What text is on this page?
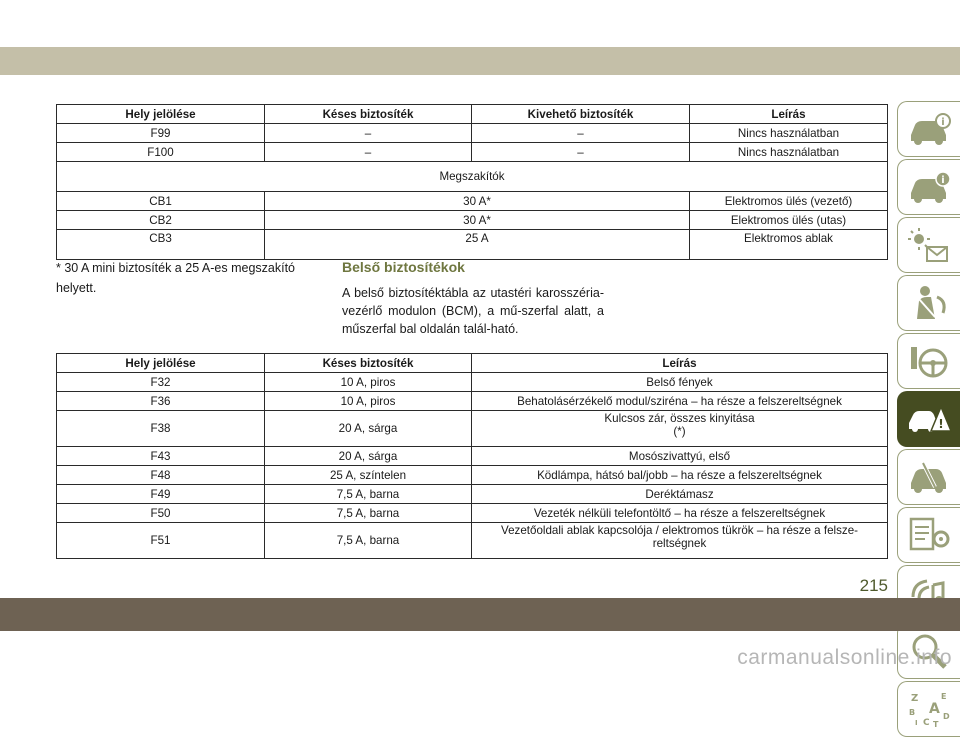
Hely jelölése	Késes biztosíték	Kivehető biztosíték	Leírás
F99	–	–	Nincs használatban
F100	–	–	Nincs használatban
Megszakítók			
CB1	30 A*		Elektromos ülés (vezető)
CB2	30 A*		Elektromos ülés (utas)
CB3	25 A		Elektromos ablak
* 30 A mini biztosíték a 25 A-es megszakító helyett.
Belső biztosítékok
A belső biztosítéktábla az utastéri karosszéria-vezérlő modulon (BCM), a mű-szerfal alatt, a műszerfal bal oldalán talál-ható.
Hely jelölése	Késes biztosíték	Leírás
F32	10 A, piros	Belső fények
F36	10 A, piros	Behatolásérzékelő modul/sziréna – ha része a felszereltségnek
F38	20 A, sárga	Kulcsos zár, összes kinyitása
(*)
F43	20 A, sárga	Mosószivattyú, első
F48	25 A, színtelen	Ködlámpa, hátsó bal/jobb – ha része a felszereltségnek
F49	7,5 A, barna	Deréktámasz
F50	7,5 A, barna	Vezeték nélküli telefontöltő – ha része a felszereltségnek
F51	7,5 A, barna	Vezetőoldali ablak kapcsolója / elektromos tükrök – ha része a felsze-
reltségnek
i
i
!
Z	E
B A
C
D
T
I
215
carmanualsonline.info
